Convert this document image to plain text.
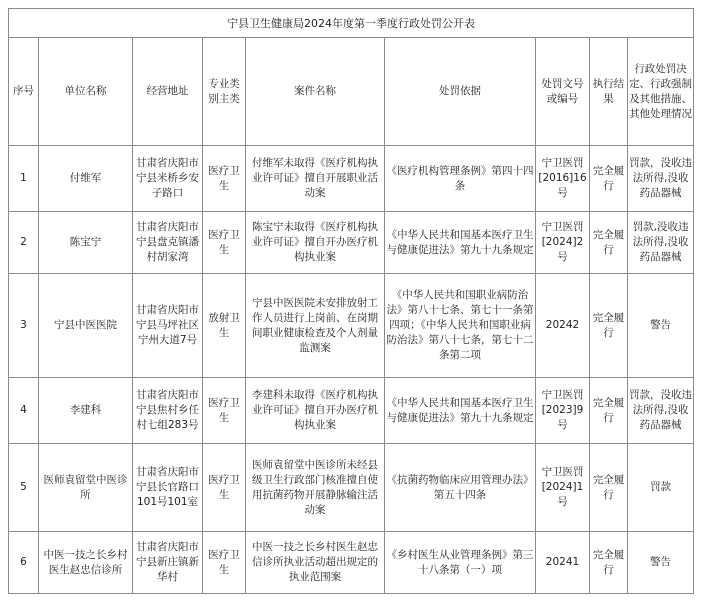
宁县卫生健康局2024年度第一季度行政处罚公开表								
序号	单位名称	经营地址	专业类别主类	案件名称	处罚依据	处罚文号或编号	执行结果	行政处罚决定、行政强制及其他措施、其他处理情况
1	付维军	甘肃省庆阳市宁县米桥乡安子路口	医疗卫生	付维军未取得《医疗机构执业许可证》擅自开展职业活动案	《医疗机构管理条例》第四十四条	宁卫医罚[2016]16号	完全履行	罚款，没收违法所得,没收药品器械
2	陈宝宁	甘肃省庆阳市宁县盘克镇潘村胡家湾	医疗卫生	陈宝宁未取得《医疗机构执业许可证》擅自开办医疗机构执业案	《中华人民共和国基本医疗卫生与健康促进法》第九十九条规定	宁卫医罚[2024]2号	完全履行	罚款,没收违法所得,没收药品器械
3	宁县中医医院	甘肃省庆阳市宁县马坪社区宁州大道7号	放射卫生	宁县中医医院未安排放射工作人员进行上岗前、在岗期间职业健康检查及个人剂量监测案	《中华人民共和国职业病防治法》第八十七条、第七十一条第四项；《中华人民共和国职业病防治法》第八十七条，第七十二条第二项	20242	完全履行	警告
4	李建科	甘肃省庆阳市宁县焦村乡任村七组283号	医疗卫生	李建科未取得《医疗机构执业许可证》擅自开办医疗机构执业案	《中华人民共和国基本医疗卫生与健康促进法》第九十九条规定	宁卫医罚[2023]9号	完全履行	罚款，没收违法所得,没收药品器械
5	医师袁留堂中医诊所	甘肃省庆阳市宁县长官路口101号101室	医疗卫生	医师袁留堂中医诊所未经县级卫生行政部门核准擅自使用抗菌药物开展静脉输注活动案	《抗菌药物临床应用管理办法》第五十四条	宁卫医罚[2024]1号	完全履行	罚款
6	中医一技之长乡村医生赵忠信诊所	甘肃省庆阳市宁县新庄镇新华村	医疗卫生	中医一技之长乡村医生赵忠信诊所执业活动超出规定的执业范围案	《乡村医生从业管理条例》第三十八条第（一）项	20241	完全履行	警告
